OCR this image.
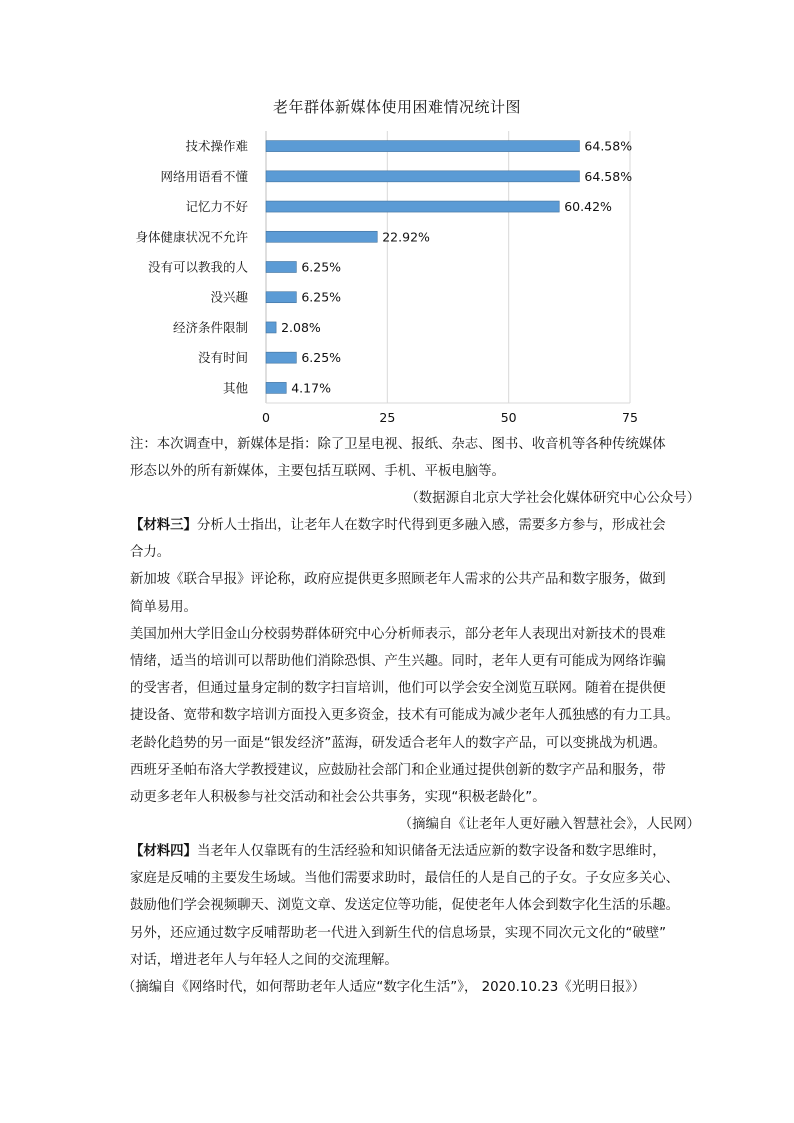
老年群体新媒体使用困难情况统计图
技术操作难	64.58%
网络用语看不懂	64.58%
记忆力不好	60.42%
身体健康状况不允许	22.92%
没有可以教我的人	6.25%
没兴趣	6.25%
经济条件限制	2.08%
没有时间	6.25%
其他	4.17%
0	25	50	75

注：本次调查中，新媒体是指：除了卫星电视、报纸、杂志、图书、收音机等各种传统媒体

形态以外的所有新媒体，主要包括互联网、手机、平板电脑等。

（数据源自北京大学社会化媒体研究中心公众号）

【材料三】分析人士指出，让老年人在数字时代得到更多融入感，需要多方参与，形成社会

合力。

新加坡《联合早报》评论称，政府应提供更多照顾老年人需求的公共产品和数字服务，做到

简单易用。

美国加州大学旧金山分校弱势群体研究中心分析师表示，部分老年人表现出对新技术的畏难

情绪，适当的培训可以帮助他们消除恐惧、产生兴趣。同时，老年人更有可能成为网络诈骗

的受害者，但通过量身定制的数字扫盲培训，他们可以学会安全浏览互联网。随着在提供便

捷设备、宽带和数字培训方面投入更多资金，技术有可能成为减少老年人孤独感的有力工具。

老龄化趋势的另一面是“银发经济”蓝海，研发适合老年人的数字产品，可以变挑战为机遇。

西班牙圣帕布洛大学教授建议，应鼓励社会部门和企业通过提供创新的数字产品和服务，带

动更多老年人积极参与社交活动和社会公共事务，实现“积极老龄化”。

（摘编自《让老年人更好融入智慧社会》，人民网）

【材料四】当老年人仅靠既有的生活经验和知识储备无法适应新的数字设备和数字思维时，

家庭是反哺的主要发生场域。当他们需要求助时，最信任的人是自己的子女。子女应多关心、

鼓励他们学会视频聊天、浏览文章、发送定位等功能，促使老年人体会到数字化生活的乐趣。

另外，还应通过数字反哺帮助老一代进入到新生代的信息场景，实现不同次元文化的“破壁”

对话，增进老年人与年轻人之间的交流理解。

（摘编自《网络时代，如何帮助老年人适应“数字化生活”》， 2020.10.23《光明日报》）
